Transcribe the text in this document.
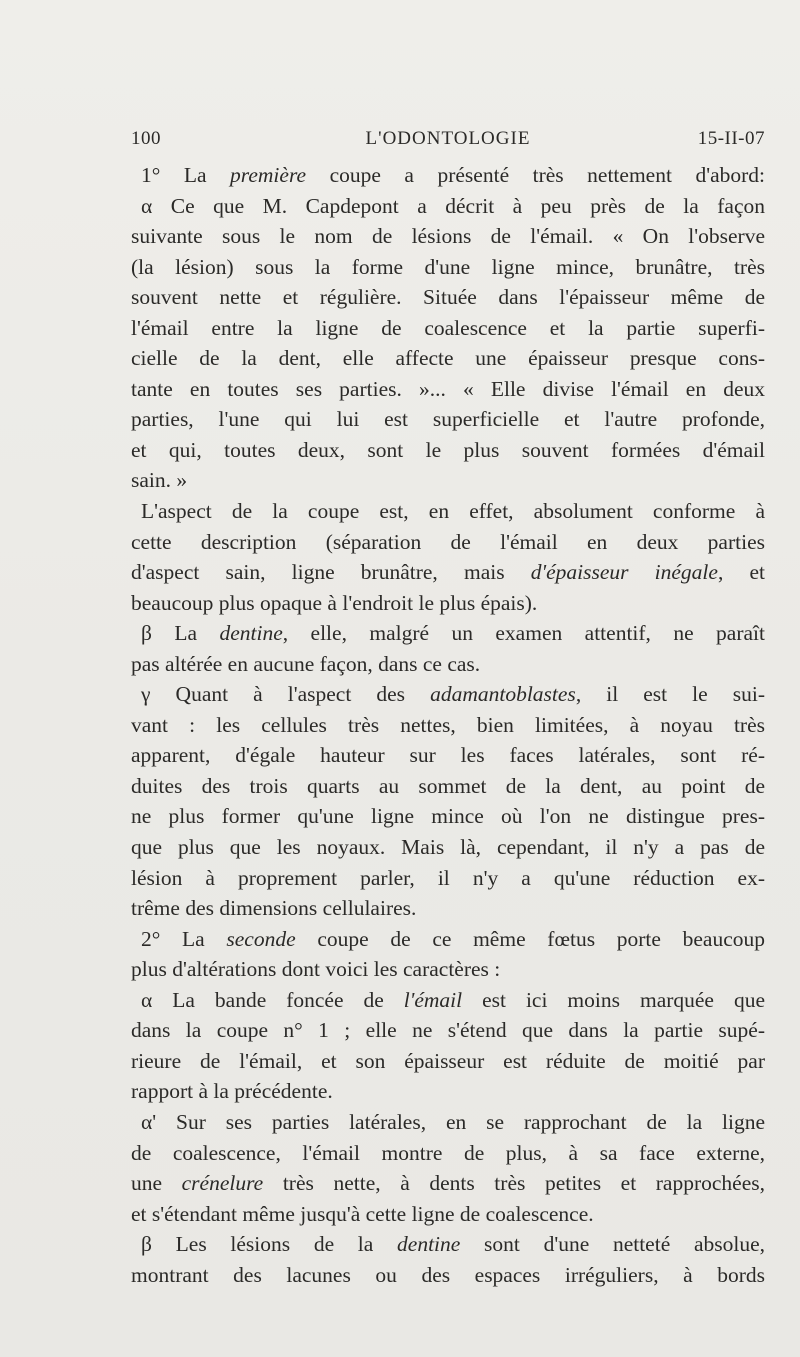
100	L'ODONTOLOGIE	15-II-07
1° La première coupe a présenté très nettement d'abord:
α Ce que M. Capdepont a décrit à peu près de la façon
suivante sous le nom de lésions de l'émail. « On l'observe
(la lésion) sous la forme d'une ligne mince, brunâtre, très
souvent nette et régulière. Située dans l'épaisseur même de
l'émail entre la ligne de coalescence et la partie superfi-
cielle de la dent, elle affecte une épaisseur presque cons-
tante en toutes ses parties. »... « Elle divise l'émail en deux
parties, l'une qui lui est superficielle et l'autre profonde,
et qui, toutes deux, sont le plus souvent formées d'émail
sain. »
L'aspect de la coupe est, en effet, absolument conforme à
cette description (séparation de l'émail en deux parties
d'aspect sain, ligne brunâtre, mais d'épaisseur inégale, et
beaucoup plus opaque à l'endroit le plus épais).
β La dentine, elle, malgré un examen attentif, ne paraît
pas altérée en aucune façon, dans ce cas.
γ Quant à l'aspect des adamantoblastes, il est le sui-
vant : les cellules très nettes, bien limitées, à noyau très
apparent, d'égale hauteur sur les faces latérales, sont ré-
duites des trois quarts au sommet de la dent, au point de
ne plus former qu'une ligne mince où l'on ne distingue pres-
que plus que les noyaux. Mais là, cependant, il n'y a pas de
lésion à proprement parler, il n'y a qu'une réduction ex-
trême des dimensions cellulaires.
2° La seconde coupe de ce même fœtus porte beaucoup
plus d'altérations dont voici les caractères :
α La bande foncée de l'émail est ici moins marquée que
dans la coupe n° 1 ; elle ne s'étend que dans la partie supé-
rieure de l'émail, et son épaisseur est réduite de moitié par
rapport à la précédente.
α' Sur ses parties latérales, en se rapprochant de la ligne
de coalescence, l'émail montre de plus, à sa face externe,
une crénelure très nette, à dents très petites et rapprochées,
et s'étendant même jusqu'à cette ligne de coalescence.
β Les lésions de la dentine sont d'une netteté absolue,
montrant des lacunes ou des espaces irréguliers, à bords
